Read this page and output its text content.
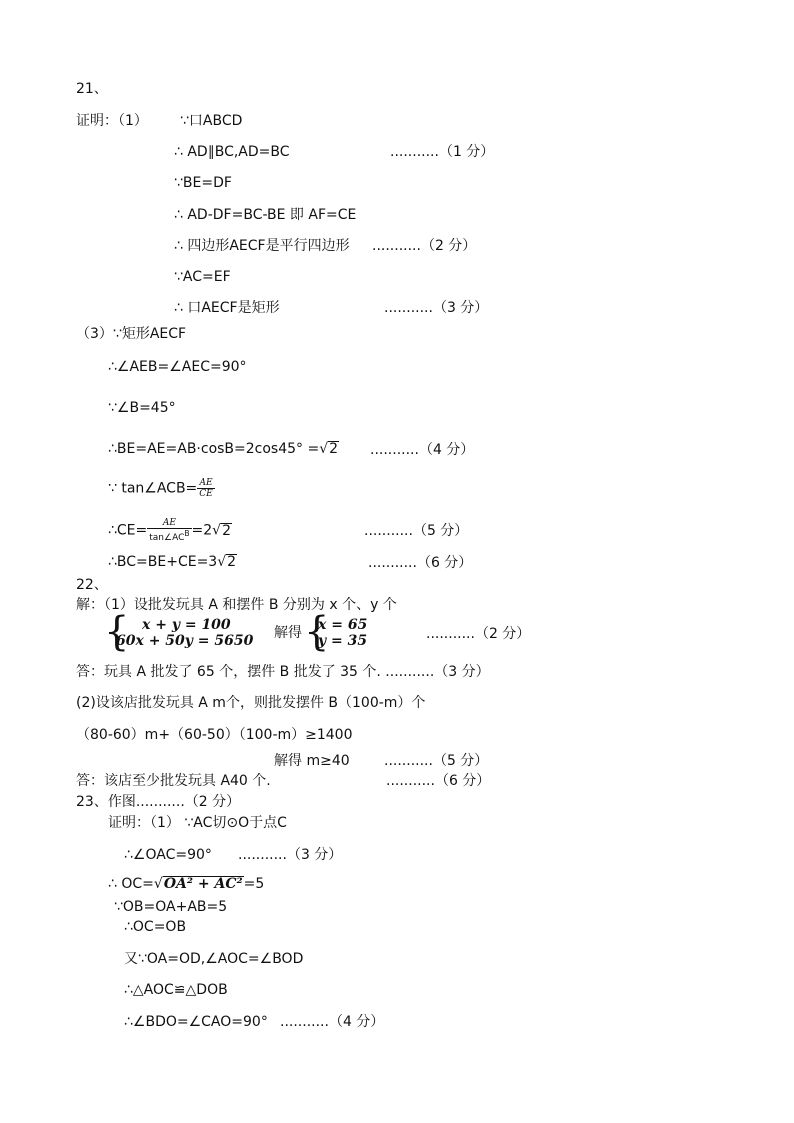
21、
证明：（1） ∵口ABCD
∴ AD∥BC,AD=BC	...........（1 分）
∵BE=DF
∴ AD-DF=BC-BE 即 AF=CE
∴ 四边形AECF是平行四边形 ...........（2 分）
∵AC=EF
∴ 口AECF是矩形	...........（3 分）
（3）∵矩形AECF
∴∠AEB=∠AEC=90°
∵∠B=45°
∴BE=AE=AB·cosB=2cos45° =√2 ...........（4 分）
∵ tan∠ACB= $\frac{AE}{CE}$
∴CE= $\frac{AE}{\tan\angle AC^B} =2√2$	...........（5 分）
∴BC=BE+CE=3√2	...........（6 分）
22、
解：（1）设批发玩具 A 和摆件 B 分别为 x 个、y 个
{ x + y = 100
60x + 50y = 5650 解得 {
x = 65
y = 35	...........（2 分）
答：玩具 A 批发了 65 个，摆件 B 批发了 35 个. ...........（3 分）
(2)设该店批发玩具 A m个，则批发摆件 B（100-m）个
（80-60）m+（60-50）（100-m）≥1400
解得 m≥40 ...........（5 分）
答：该店至少批发玩具 A40 个.	...........（6 分）
23、作图...........（2 分）
证明：（1） ∵AC切⊙O于点C
∴∠OAC=90° ...........（3 分）
∴ OC=√OA² + AC²=5
∵OB=OA+AB=5
∴OC=OB
又∵OA=OD,∠AOC=∠BOD
∴△AOC≌△DOB
∴∠BDO=∠CAO=90° ...........（4 分）
